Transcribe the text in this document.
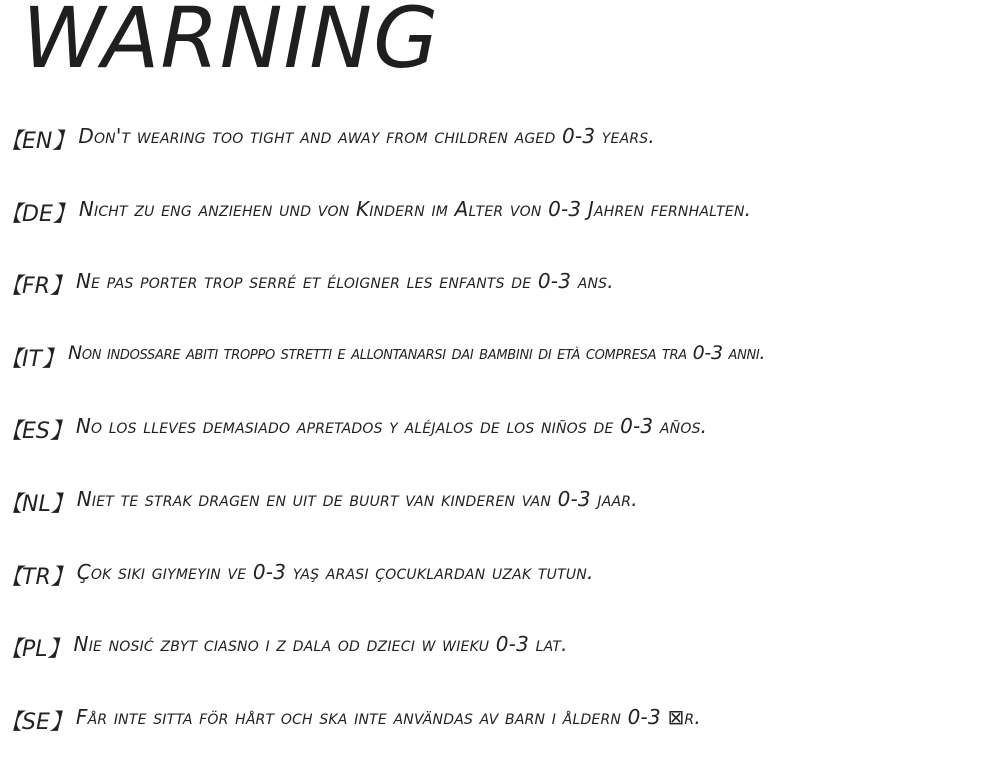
WARNING
【EN】 Don't wearing too tight and away from children aged 0-3 years.
【DE】 Nicht zu eng anziehen und von Kindern im Alter von 0-3 Jahren fernhalten.
【FR】 Ne pas porter trop serré et éloigner les enfants de 0-3 ans.
【IT】 Non indossare abiti troppo stretti e allontanarsi dai bambini di età compresa tra 0-3 anni.
【ES】 No los lleves demasiado apretados y aléjalos de los niños de 0-3 años.
【NL】 Niet te strak dragen en uit de buurt van kinderen van 0-3 jaar.
【TR】 Çok sıkı giymeyin ve 0-3 yaş arası çocuklardan uzak tutun.
【PL】 Nie nosić zbyt ciasno i z dala od dzieci w wieku 0-3 lat.
【SE】 Får inte sitta för hårt och ska inte användas av barn i åldern 0-3 ⊠r.
